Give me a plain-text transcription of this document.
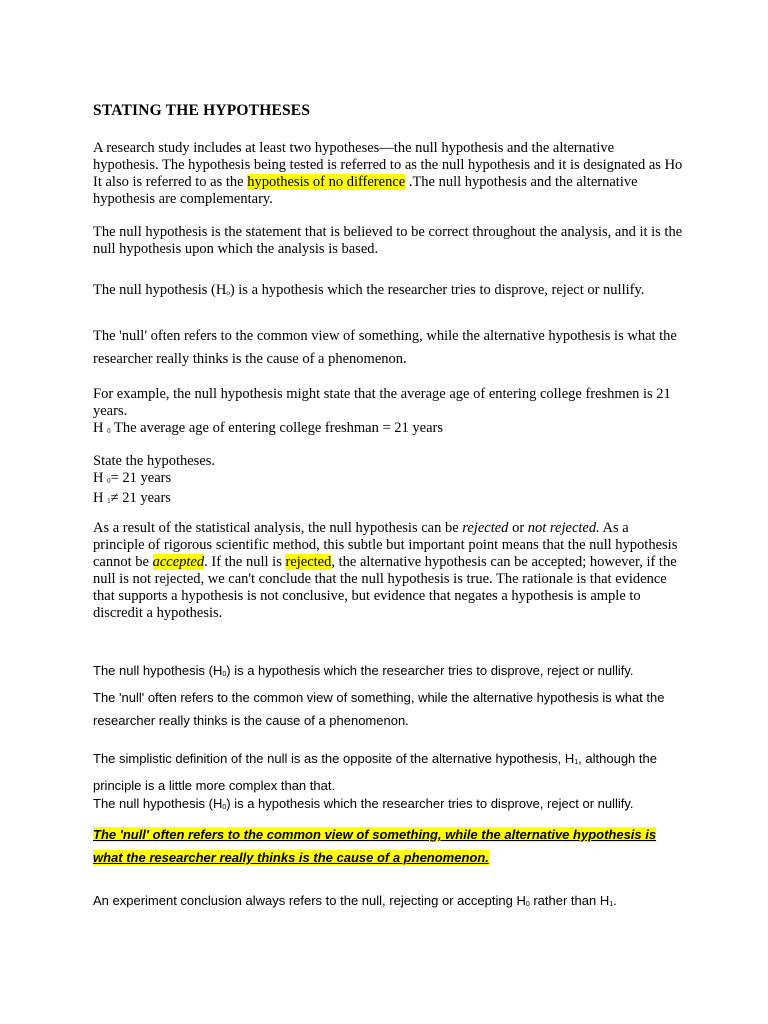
STATING THE HYPOTHESES

A research study includes at least two hypotheses—the null hypothesis and the alternative hypothesis. The hypothesis being tested is referred to as the null hypothesis and it is designated as Ho It also is referred to as the hypothesis of no difference .The null hypothesis and the alternative hypothesis are complementary.

The null hypothesis is the statement that is believed to be correct throughout the analysis, and it is the null hypothesis upon which the analysis is based.

The null hypothesis (Ho) is a hypothesis which the researcher tries to disprove, reject or nullify.

The 'null' often refers to the common view of something, while the alternative hypothesis is what the researcher really thinks is the cause of a phenomenon.

For example, the null hypothesis might state that the average age of entering college freshmen is 21 years.
H 0 The average age of entering college freshman = 21 years
State the hypotheses.
H 0= 21 years
H 1≠ 21 years

As a result of the statistical analysis, the null hypothesis can be rejected or not rejected. As a principle of rigorous scientific method, this subtle but important point means that the null hypothesis cannot be accepted. If the null is rejected, the alternative hypothesis can be accepted; however, if the null is not rejected, we can't conclude that the null hypothesis is true. The rationale is that evidence that supports a hypothesis is not conclusive, but evidence that negates a hypothesis is ample to discredit a hypothesis.

The null hypothesis (H0) is a hypothesis which the researcher tries to disprove, reject or nullify.
The 'null' often refers to the common view of something, while the alternative hypothesis is what the researcher really thinks is the cause of a phenomenon.
The simplistic definition of the null is as the opposite of the alternative hypothesis, H1, although the principle is a little more complex than that.
The null hypothesis (H0) is a hypothesis which the researcher tries to disprove, reject or nullify.

The 'null' often refers to the common view of something, while the alternative hypothesis is what the researcher really thinks is the cause of a phenomenon.

An experiment conclusion always refers to the null, rejecting or accepting H0 rather than H1.
